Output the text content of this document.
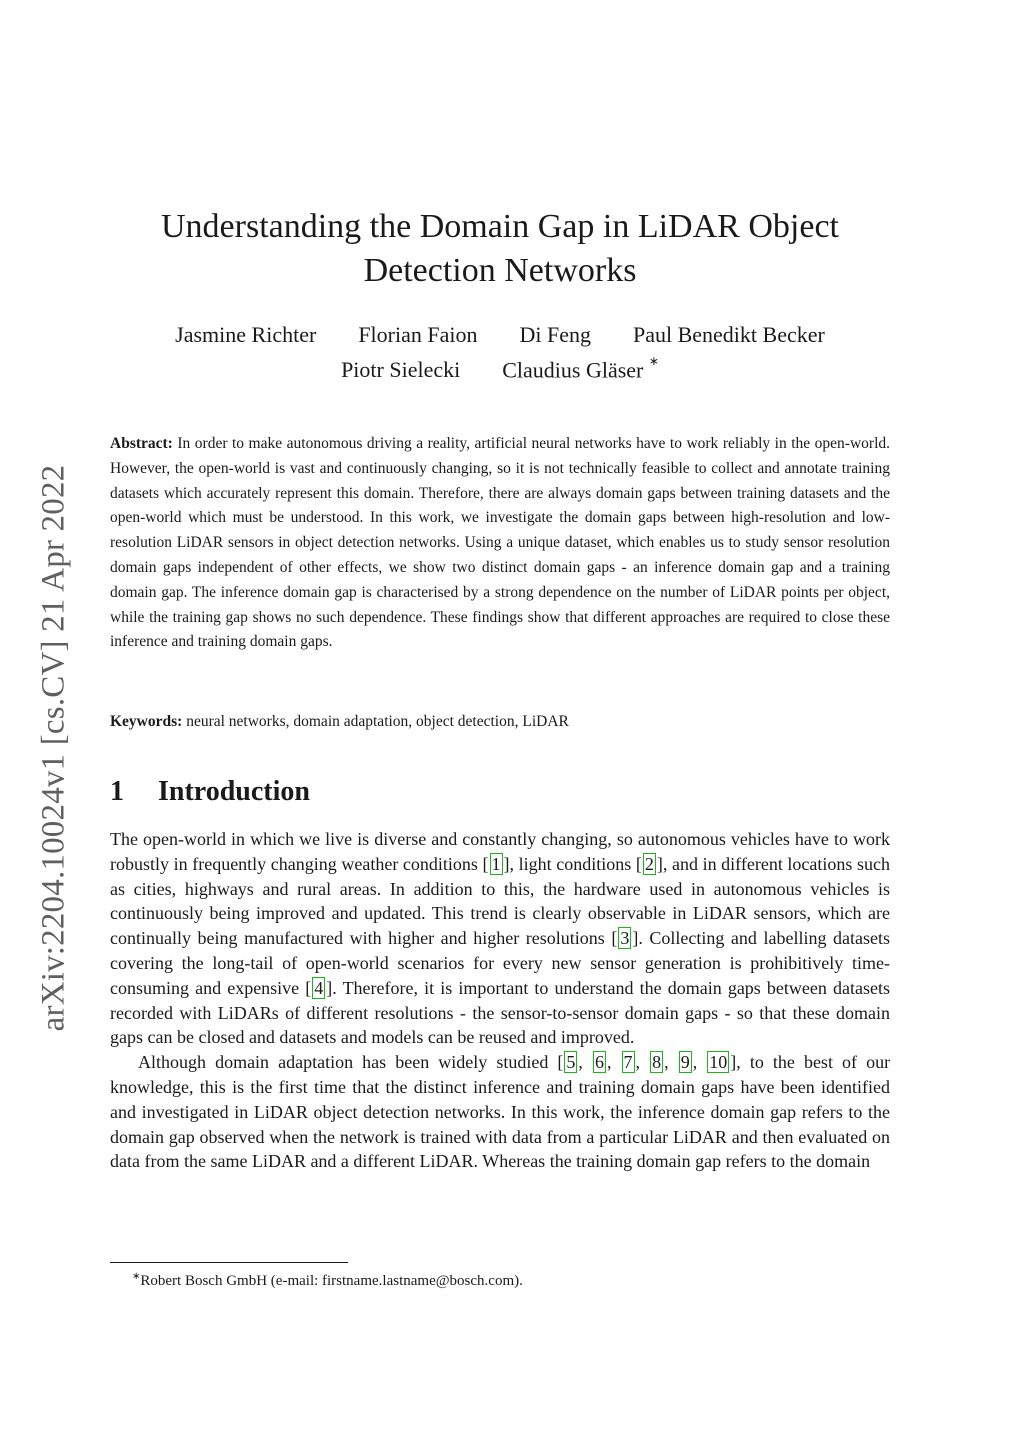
arXiv:2204.10024v1 [cs.CV] 21 Apr 2022
Understanding the Domain Gap in LiDAR Object Detection Networks
Jasmine Richter Florian Faion Di Feng Paul Benedikt Becker
Piotr Sielecki Claudius Gläser ∗
Abstract: In order to make autonomous driving a reality, artificial neural networks have to work reliably in the open-world. However, the open-world is vast and continuously changing, so it is not technically feasible to collect and annotate training datasets which accurately represent this domain. Therefore, there are always domain gaps between training datasets and the open-world which must be understood. In this work, we investigate the domain gaps between high-resolution and low-resolution LiDAR sensors in object detection networks. Using a unique dataset, which enables us to study sensor resolution domain gaps independent of other effects, we show two distinct domain gaps - an inference domain gap and a training domain gap. The inference domain gap is characterised by a strong dependence on the number of LiDAR points per object, while the training gap shows no such dependence. These findings show that different approaches are required to close these inference and training domain gaps.
Keywords: neural networks, domain adaptation, object detection, LiDAR
1 Introduction

The open-world in which we live is diverse and constantly changing, so autonomous vehicles have to work robustly in frequently changing weather conditions [ 1 ], light conditions [ 2 ], and in different locations such as cities, highways and rural areas. In addition to this, the hardware used in autonomous vehicles is continuously being improved and updated. This trend is clearly observable in LiDAR sensors, which are continually being manufactured with higher and higher resolutions [ 3 ]. Collecting and labelling datasets covering the long-tail of open-world scenarios for every new sensor generation is prohibitively time-consuming and expensive [ 4 ]. Therefore, it is important to understand the domain gaps between datasets recorded with LiDARs of different resolutions - the sensor-to-sensor domain gaps - so that these domain gaps can be closed and datasets and models can be reused and improved.

Although domain adaptation has been widely studied [ 5 , 6 , 7 , 8 , 9 , 10 ], to the best of our knowledge, this is the first time that the distinct inference and training domain gaps have been identified and investigated in LiDAR object detection networks. In this work, the inference domain gap refers to the domain gap observed when the network is trained with data from a particular LiDAR and then evaluated on data from the same LiDAR and a different LiDAR. Whereas the training domain gap refers to the domain

∗Robert Bosch GmbH (e-mail: firstname.lastname@bosch.com).
